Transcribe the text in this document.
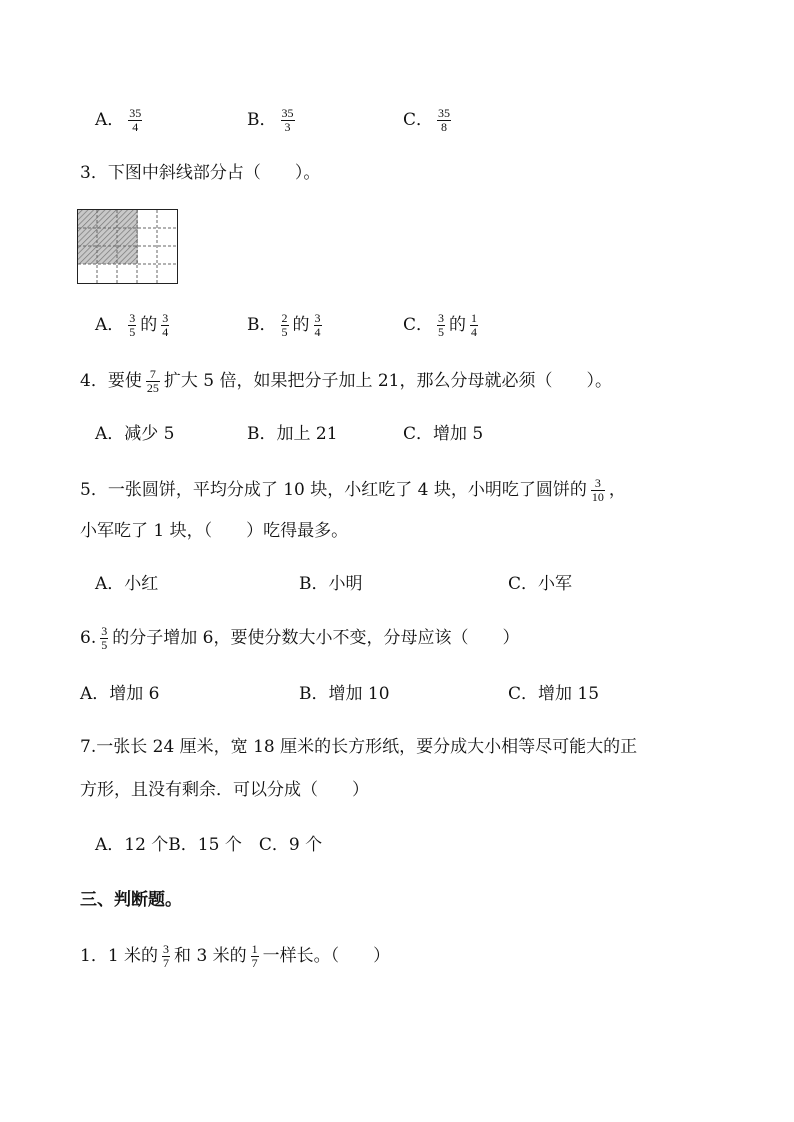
A． $\frac{35}{4}$	B． $\frac{35}{3}$	C． $\frac{35}{8}$
3．下图中斜线部分占（　　）。
A． $\frac{3}{5}$ 的 $\frac{3}{4}$	B． $\frac{2}{5}$ 的 $\frac{3}{4}$	C． $\frac{3}{5}$ 的 $\frac{1}{4}$
4．要使 $\frac{7}{25}$ 扩大 5 倍，如果把分子加上 21，那么分母就必须（　　）。
A．减少 5	B．加上 21	C．增加 5
5．一张圆饼，平均分成了 10 块，小红吃了 4 块，小明吃了圆饼的 $\frac{3}{10}$ ，
小军吃了 1 块，（　　）吃得最多。
A．小红	B．小明	C．小军
6. $\frac{3}{5}$ 的分子增加 6，要使分数大小不变，分母应该（　　）
A．增加 6	B．增加 10	C．增加 15
7.一张长 24 厘米，宽 18 厘米的长方形纸，要分成大小相等尽可能大的正
方形，且没有剩余．可以分成（　　）
A．12 个B．15 个　C．9 个
三、判断题。
1．1 米的 $\frac{3}{7}$ 和 3 米的 $\frac{1}{7}$ 一样长。（　　）
